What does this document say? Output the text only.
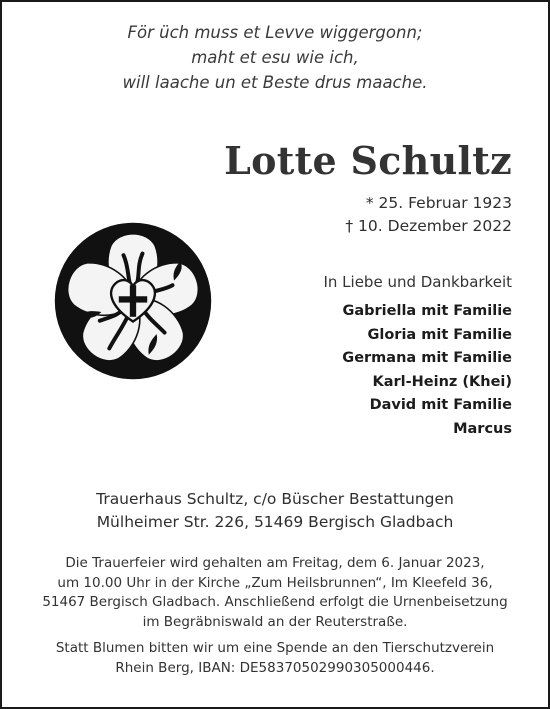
För üch muss et Levve wiggergonn;
maht et esu wie ich,
will laache un et Beste drus maache.
Lotte Schultz
* 25. Februar 1923
† 10. Dezember 2022
In Liebe und Dankbarkeit
Gabriella mit Familie
Gloria mit Familie
Germana mit Familie
Karl-Heinz (Khei)
David mit Familie
Marcus
Trauerhaus Schultz, c/o Büscher Bestattungen
Mülheimer Str. 226, 51469 Bergisch Gladbach
Die Trauerfeier wird gehalten am Freitag, dem 6. Januar 2023,
um 10.00 Uhr in der Kirche „Zum Heilsbrunnen“, Im Kleefeld 36,
51467 Bergisch Gladbach. Anschließend erfolgt die Urnenbeisetzung
im Begräbniswald an der Reuterstraße.
Statt Blumen bitten wir um eine Spende an den Tierschutzverein
Rhein Berg, IBAN: DE58370502990305000446.
